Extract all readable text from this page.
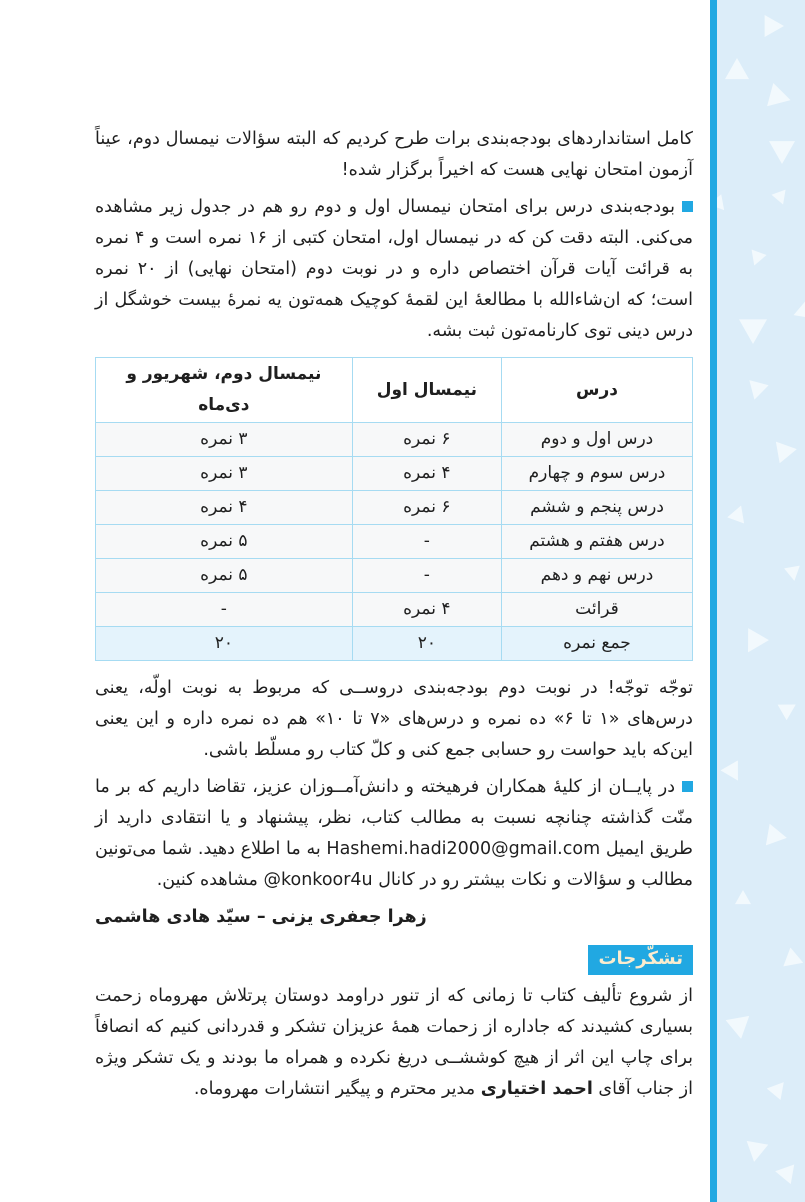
کامل استانداردهای بودجه‌بندی برات طرح کردیم که البته سؤالات نیمسال دوم، عیناً آزمون امتحان نهایی هست که اخیراً برگزار شده!

بودجه‌بندی درس برای امتحان نیمسال اول و دوم رو هم در جدول زیر مشاهده می‌کنی. البته دقت کن که در نیمسال اول، امتحان کتبی از ۱۶ نمره است و ۴ نمره به قرائت آیات قرآن اختصاص داره و در نوبت دوم (امتحان نهایی) از ۲۰ نمره است؛ که ان‌شاءالله با مطالعهٔ این لقمهٔ کوچیک همه‌تون یه نمرهٔ بیست خوشگل از درس دینی توی کارنامه‌تون ثبت بشه.

درس	نیمسال اول	نیمسال دوم، شهریور و دی‌ماه
درس اول و دوم	۶ نمره	۳ نمره
درس سوم و چهارم	۴ نمره	۳ نمره
درس پنجم و ششم	۶ نمره	۴ نمره
درس هفتم و هشتم	-	۵ نمره
درس نهم و دهم	-	۵ نمره
قرائت	۴ نمره	-
جمع نمره	۲۰	۲۰

توجّه توجّه! در نوبت دوم بودجه‌بندی دروســی که مربوط به نوبت اولّه، یعنی درس‌های «۱ تا ۶» ده نمره و درس‌های «۷ تا ۱۰» هم ده نمره داره و این یعنی این‌که باید حواست رو حسابی جمع کنی و کلّ کتاب رو مسلّط باشی.

در پایــان از کلیهٔ همکاران فرهیخته و دانش‌آمــوزان عزیز، تقاضا داریم که بر ما منّت گذاشته چنانچه نسبت به مطالب کتاب، نظر، پیشنهاد و یا انتقادی دارید از طریق ایمیل Hashemi.hadi2000@gmail.com به ما اطلاع دهید. شما می‌تونین مطالب و سؤالات و نکات بیشتر رو در کانال @konkoor4u مشاهده کنین.

زهرا جعفری یزنی – سیّد هادی هاشمی

تشکّرجات

از شروع تألیف کتاب تا زمانی که از تنور دراومد دوستان پرتلاش مهروماه زحمت بسیاری کشیدند که جاداره از زحمات همهٔ عزیزان تشکر و قدردانی کنیم که انصافاً برای چاپ این اثر از هیچ کوششــی دریغ نکرده و همراه ما بودند و یک تشکر ویژه از جناب آقای احمد اختیاری مدیر محترم و پیگیر انتشارات مهروماه.
